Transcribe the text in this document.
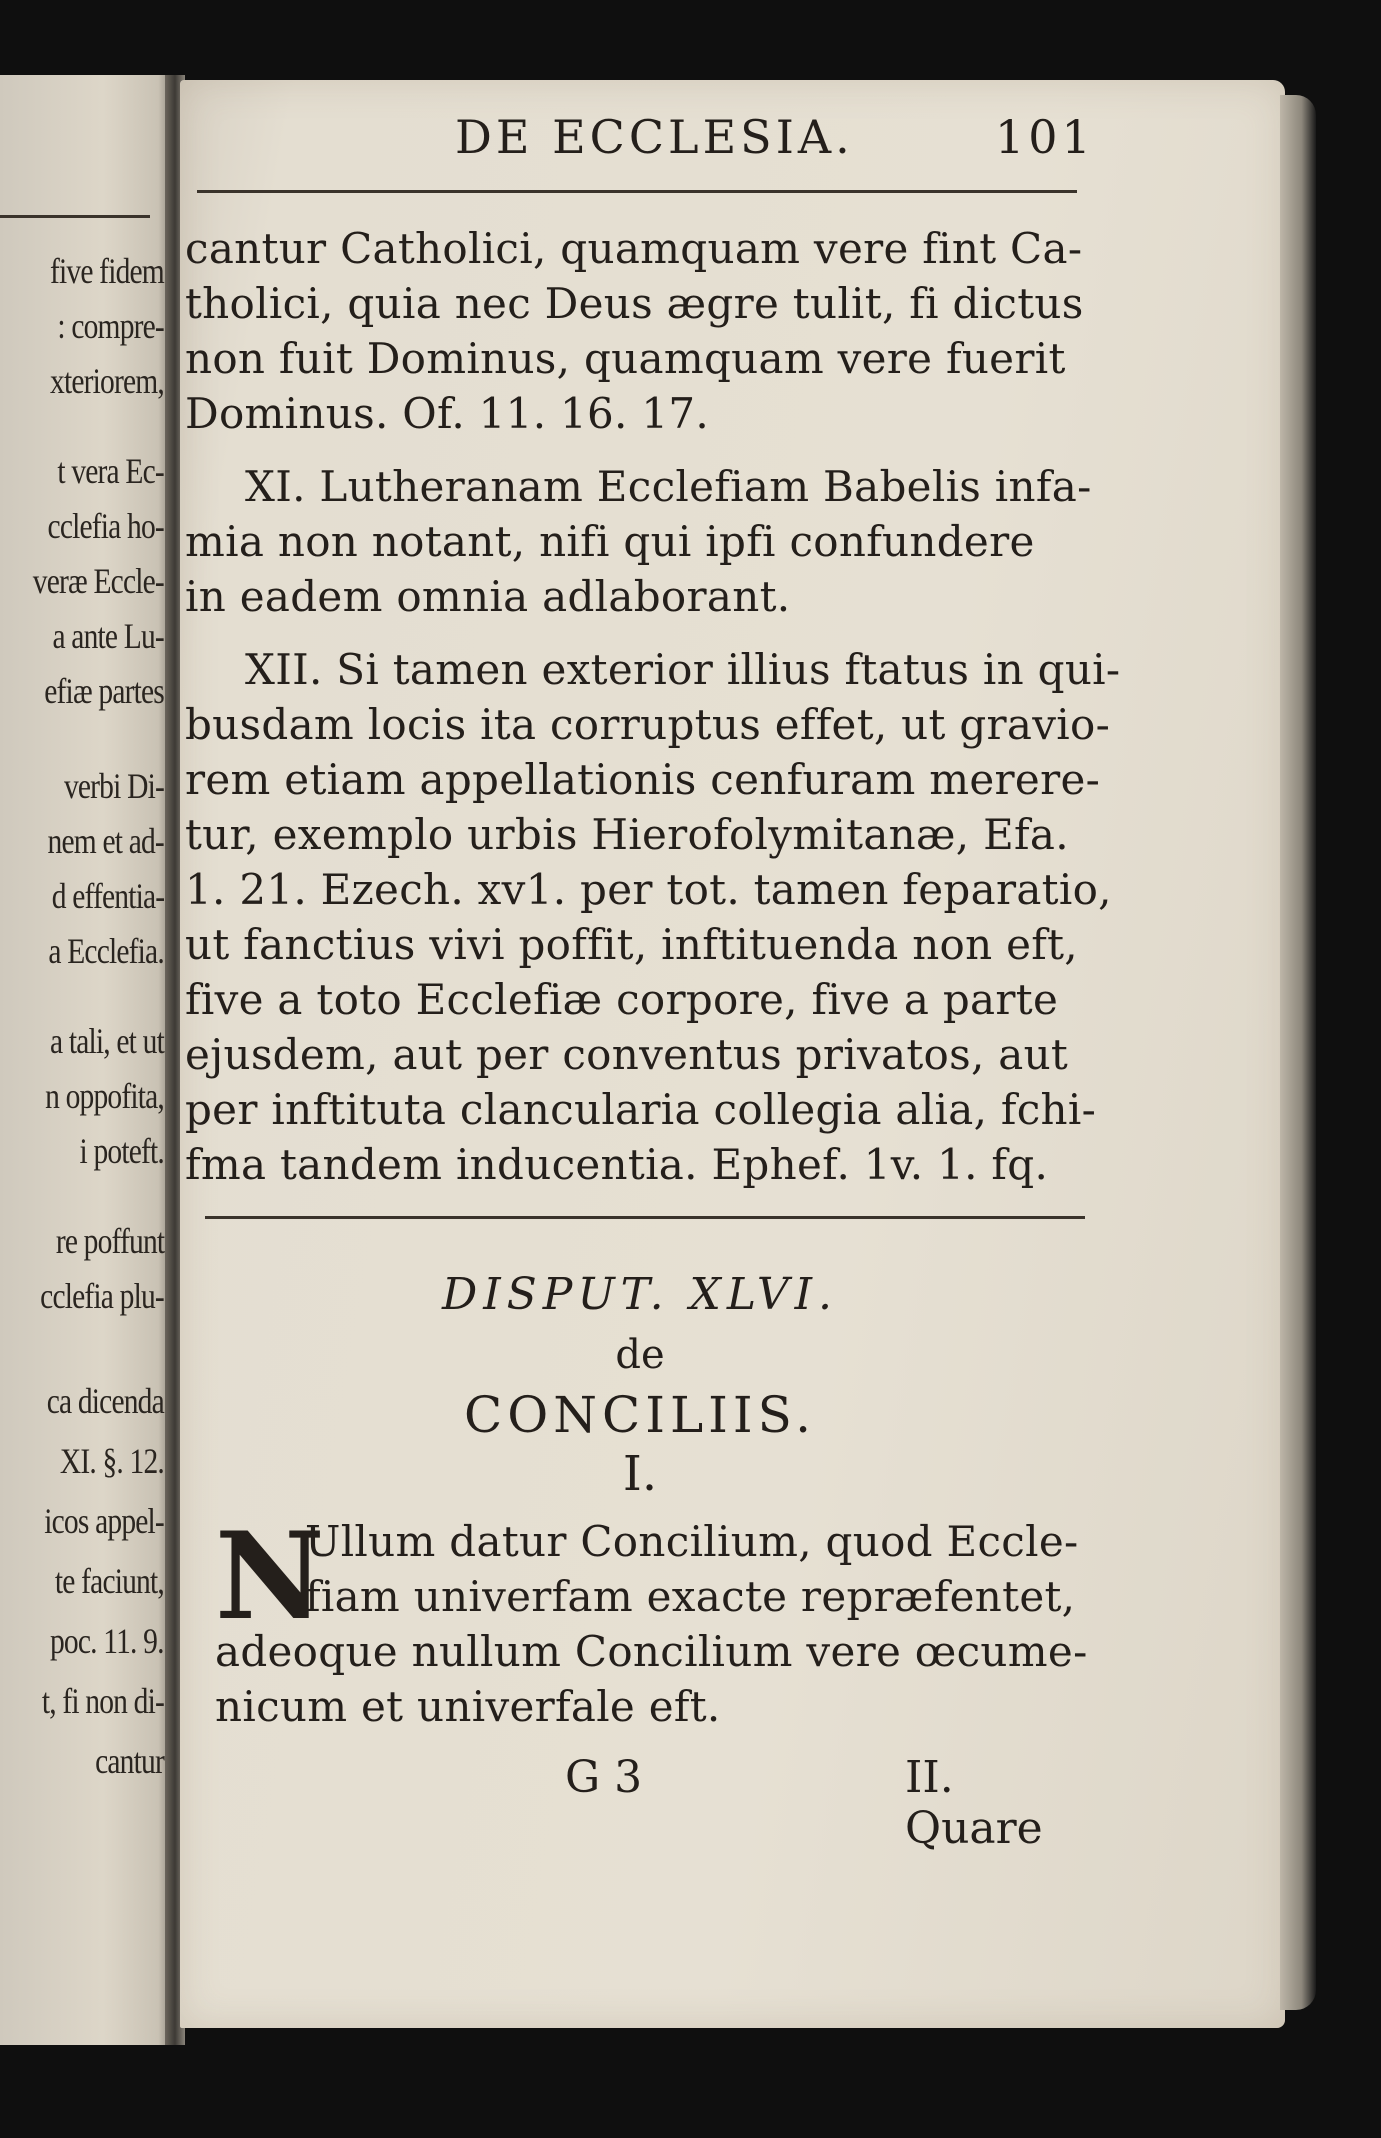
five fidem
: compre-
xteriorem,
t vera Ec-
cclefia ho-
veræ Eccle-
a ante Lu-
efiæ partes
verbi Di-
nem et ad-
d effentia-
a Ecclefia.
a tali, et ut
n oppofita,
i poteft.
re poffunt
cclefia plu-
ca dicenda
XI. §. 12.
icos appel-
te faciunt,
poc. 11. 9.
t, fi non di-
cantur
DE ECCLESIA.	101
cantur Catholici, quamquam vere fint Ca-
tholici, quia nec Deus ægre tulit, fi dictus
non fuit Dominus, quamquam vere fuerit
Dominus. Of. 11. 16. 17.
XI. Lutheranam Ecclefiam Babelis infa-
mia non notant, nifi qui ipfi confundere
in eadem omnia adlaborant.
XII. Si tamen exterior illius ftatus in qui-
busdam locis ita corruptus effet, ut gravio-
rem etiam appellationis cenfuram merere-
tur, exemplo urbis Hierofolymitanæ, Efa.
1. 21. Ezech. xv1. per tot. tamen feparatio,
ut fanctius vivi poffit, inftituenda non eft,
five a toto Ecclefiæ corpore, five a parte
ejusdem, aut per conventus privatos, aut
per inftituta clancularia collegia alia, fchi-
fma tandem inducentia. Ephef. 1v. 1. fq.
DISPUT. XLVI.
de
CONCILIIS.
I.
N
Ullum datur Concilium, quod Eccle-
fiam univerfam exacte repræfentet,
adeoque nullum Concilium vere œcume-
nicum et univerfale eft.
G 3	II. Quare
